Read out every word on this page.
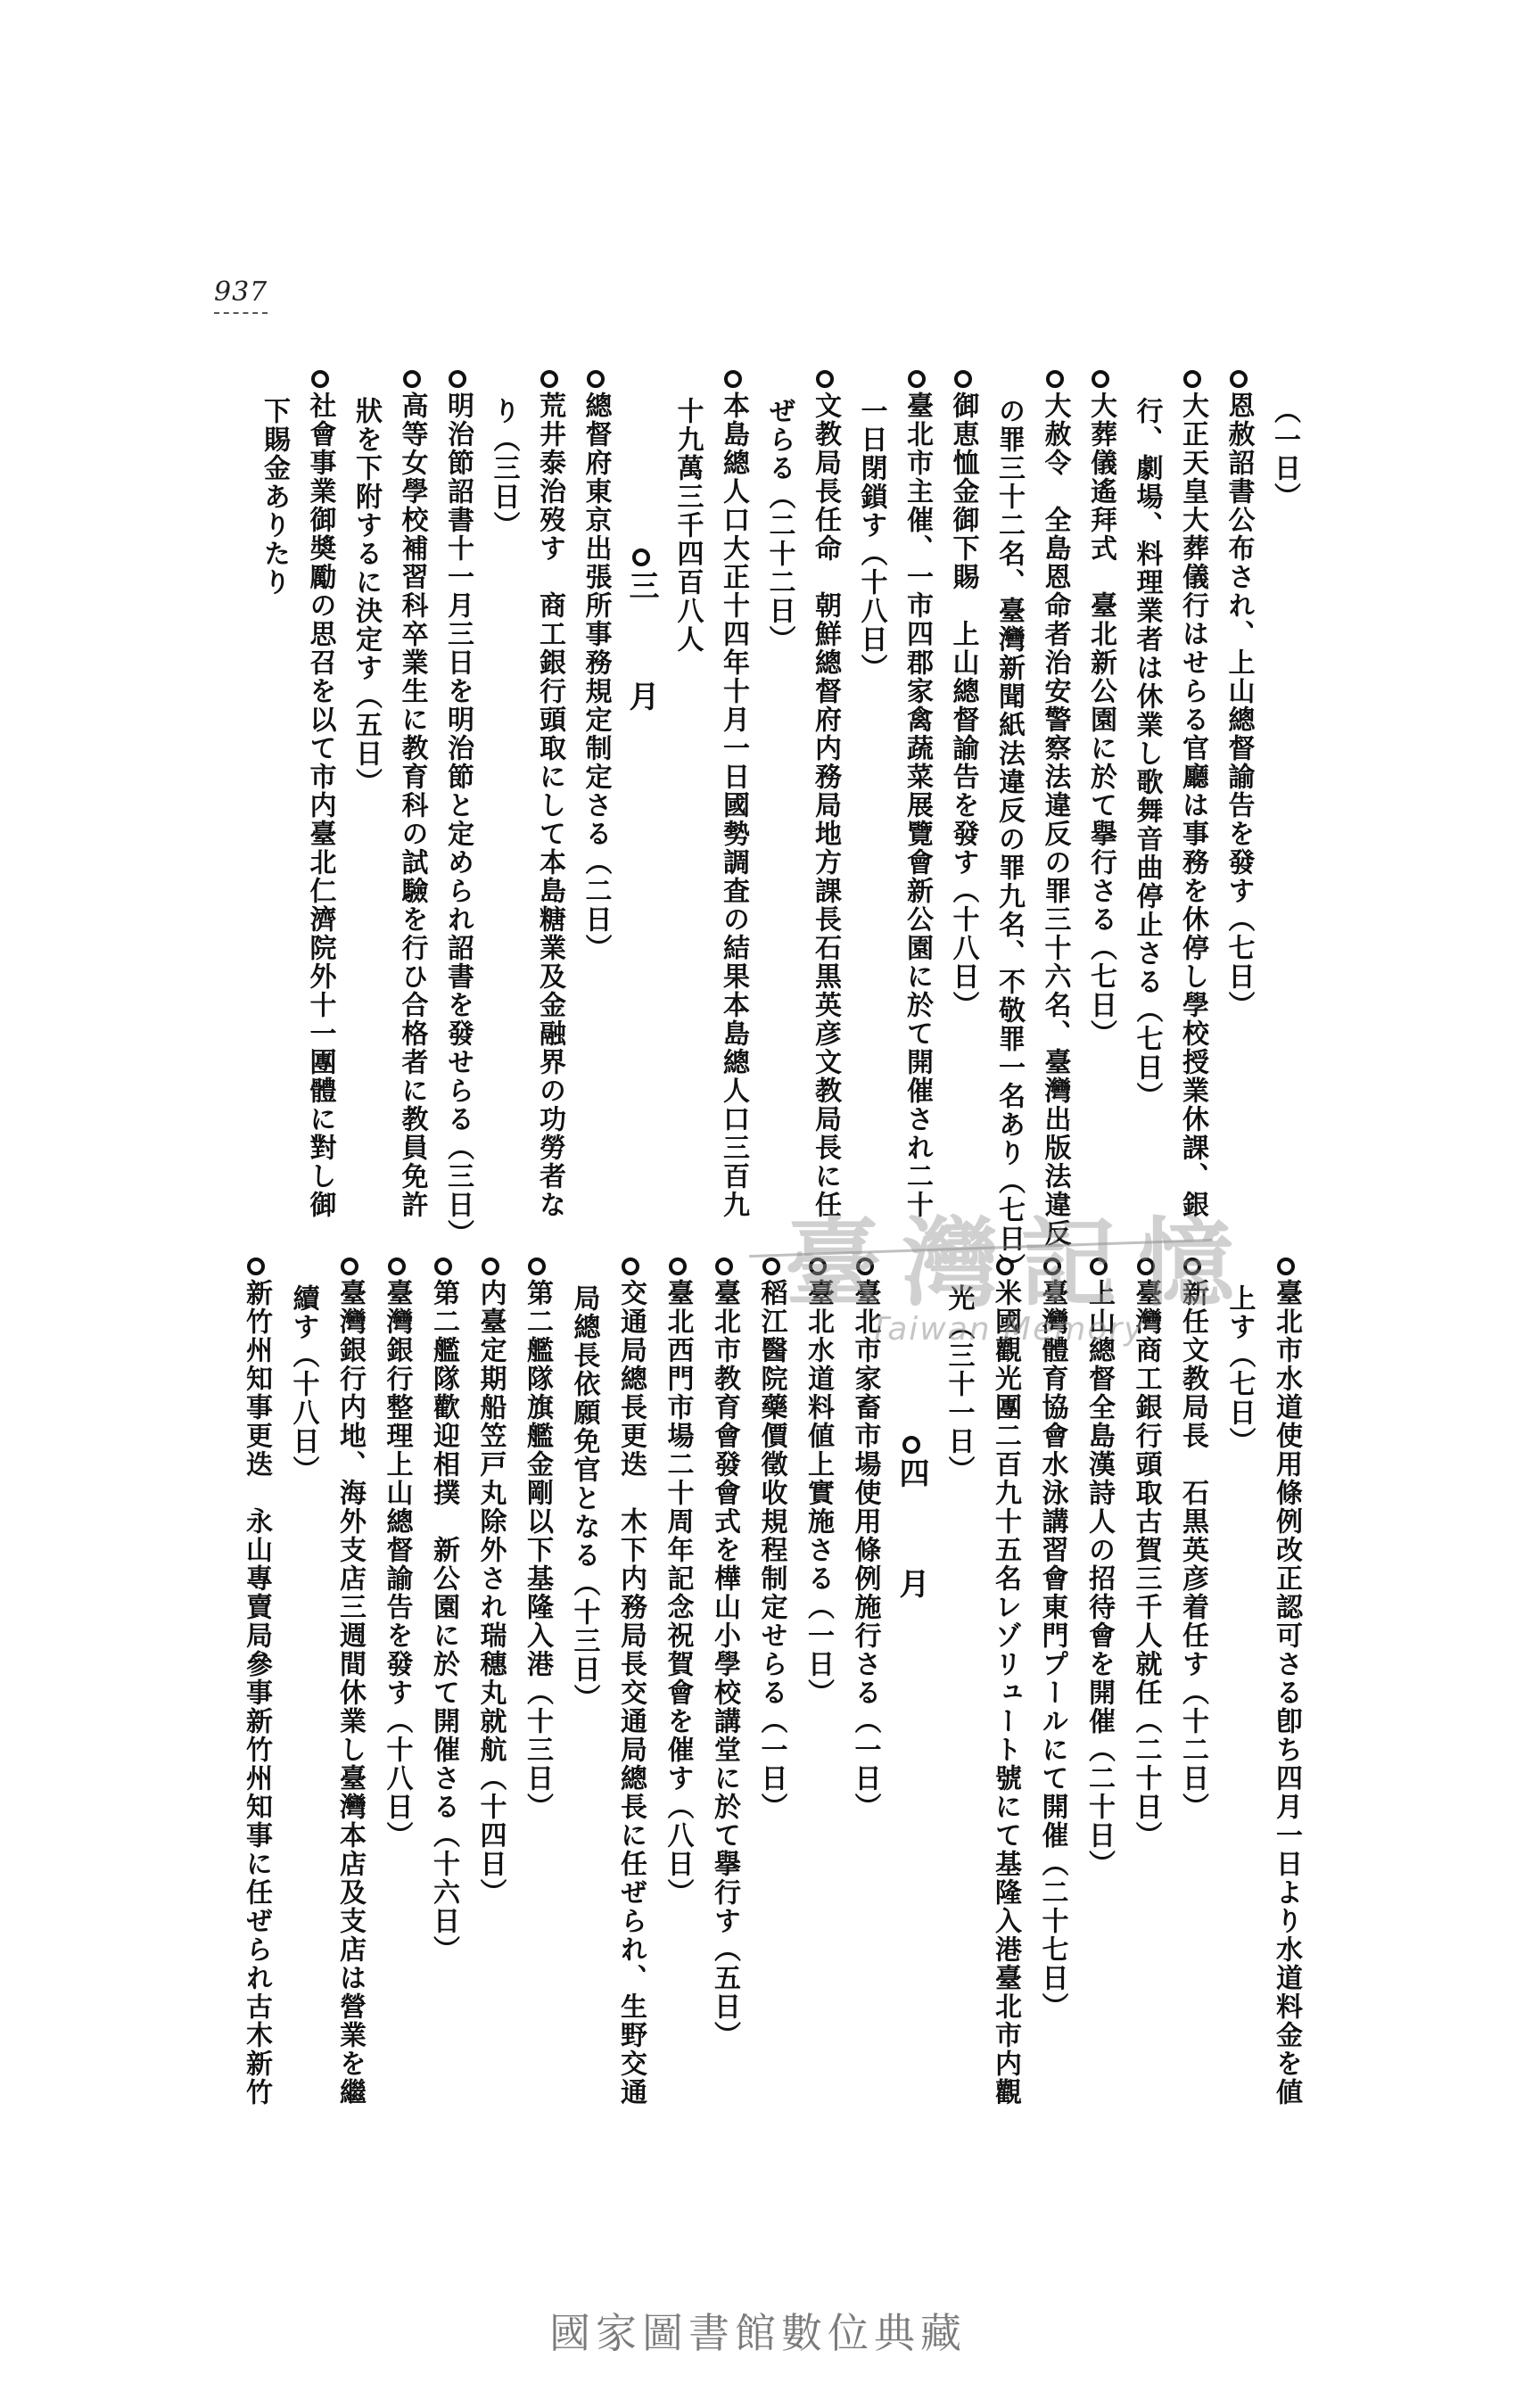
937
（一日）
恩赦詔書公布され、上山總督諭告を發す（七日）
大正天皇大葬儀行はせらる官廳は事務を休停し學校授業休課、銀
行、劇場、料理業者は休業し歌舞音曲停止さる（七日）
大葬儀遙拜式　臺北新公園に於て擧行さる（七日）
大赦令　全島恩命者治安警察法違反の罪三十六名、臺灣出版法違反
の罪三十二名、臺灣新聞紙法違反の罪九名、不敬罪一名あり（七日）
御恵恤金御下賜　上山總督諭告を發す（十八日）
臺北市主催、一市四郡家禽蔬菜展覽會新公園に於て開催され二十
一日閉鎖す（十八日）
文教局長任命　朝鮮總督府内務局地方課長石黒英彦文教局長に任
ぜらる（二十二日）
本島總人口大正十四年十月一日國勢調査の結果本島總人口三百九
十九萬三千四百八人
三　月
總督府東京出張所事務規定制定さる（二日）
荒井泰治歿す　商工銀行頭取にして本島糖業及金融界の功勞者な
り（三日）
明治節詔書十一月三日を明治節と定められ詔書を發せらる（三日）
高等女學校補習科卒業生に教育科の試驗を行ひ合格者に教員免許
狀を下附するに決定す（五日）
社會事業御奬勵の思召を以て市内臺北仁濟院外十一團體に對し御
下賜金ありたり
臺北市水道使用條例改正認可さる卽ち四月一日より水道料金を値
上す（七日）
新任文教局長　石黒英彦着任す（十二日）
臺灣商工銀行頭取古賀三千人就任（二十日）
上山總督全島漢詩人の招待會を開催（二十日）
臺灣體育協會水泳講習會東門プールにて開催（二十七日）
米國觀光團二百九十五名レゾリュート號にて基隆入港臺北市内觀
光（三十一日）
四　月
臺北市家畜市場使用條例施行さる（一日）
臺北水道料値上實施さる（一日）
稻江醫院藥價徵收規程制定せらる（一日）
臺北市教育會發會式を樺山小學校講堂に於て擧行す（五日）
臺北西門市場二十周年記念祝賀會を催す（八日）
交通局總長更迭　木下内務局長交通局總長に任ぜられ、生野交通
局總長依願免官となる（十三日）
第二艦隊旗艦金剛以下基隆入港（十三日）
内臺定期船笠戸丸除外され瑞穗丸就航（十四日）
第二艦隊歡迎相撲　新公園に於て開催さる（十六日）
臺灣銀行整理上山總督諭告を發す（十八日）
臺灣銀行内地、海外支店三週間休業し臺灣本店及支店は營業を繼
續す（十八日）
新竹州知事更迭　永山專賣局參事新竹州知事に任ぜられ古木新竹
臺灣記憶
Taiwan Memory
國家圖書館數位典藏
